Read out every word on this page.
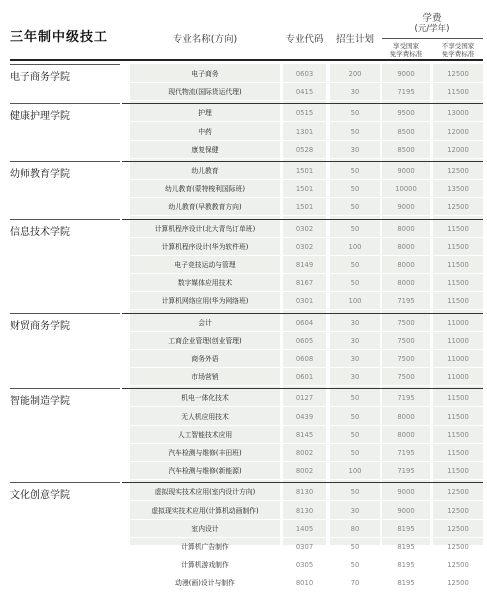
三年制中级技工	专业名称(方向)	专业代码	招生计划
学费
(元/学年)
享受国家
免学费标准
不享受国家
免学费标准
电子商务学院	电子商务	0603	200	9000	12500
现代物流(国际货运代理)	0415	30	7195	11500
健康护理学院	护理	0515	50	9500	13000
中药	1301	50	8500	12000
康复保健	0528	30	8500	12000
幼师教育学院	幼儿教育	1501	50	9000	12500
幼儿教育(蒙特梭利国际班)	1501	50	10000	13500
幼儿教育(早教教育方向)	1501	50	9000	12500
信息技术学院	计算机程序设计(北大青鸟订单班)	0302	50	8000	11500
计算机程序设计(华为软件班)	0302	100	8000	11500
电子竞技运动与管理	8149	50	8000	11500
数字媒体应用技术	8167	50	8000	11500
计算机网络应用(华为网络班)	0301	100	7195	11500
财贸商务学院	会计	0604	30	7500	11000
工商企业管理(创业管理)	0605	30	7500	11000
商务外语	0608	30	7500	11000
市场营销	0601	30	7500	11000
智能制造学院	机电一体化技术	0127	50	7195	11500
无人机应用技术	0439	50	8000	11500
人工智能技术应用	8145	50	8000	11500
汽车检测与维修(丰田班)	8002	50	7195	11500
汽车检测与维修(新能源)	8002	100	7195	11500
文化创意学院	虚拟现实技术应用(室内设计方向)	8130	50	9000	12500
虚拟现实技术应用(计算机动画制作)	8130	30	9000	12500
室内设计	1405	80	8195	12500
计算机广告制作	0307	50	8195	12500
计算机游戏制作	0305	50	8195	12500
动漫(画)设计与制作	8010	70	8195	12500
